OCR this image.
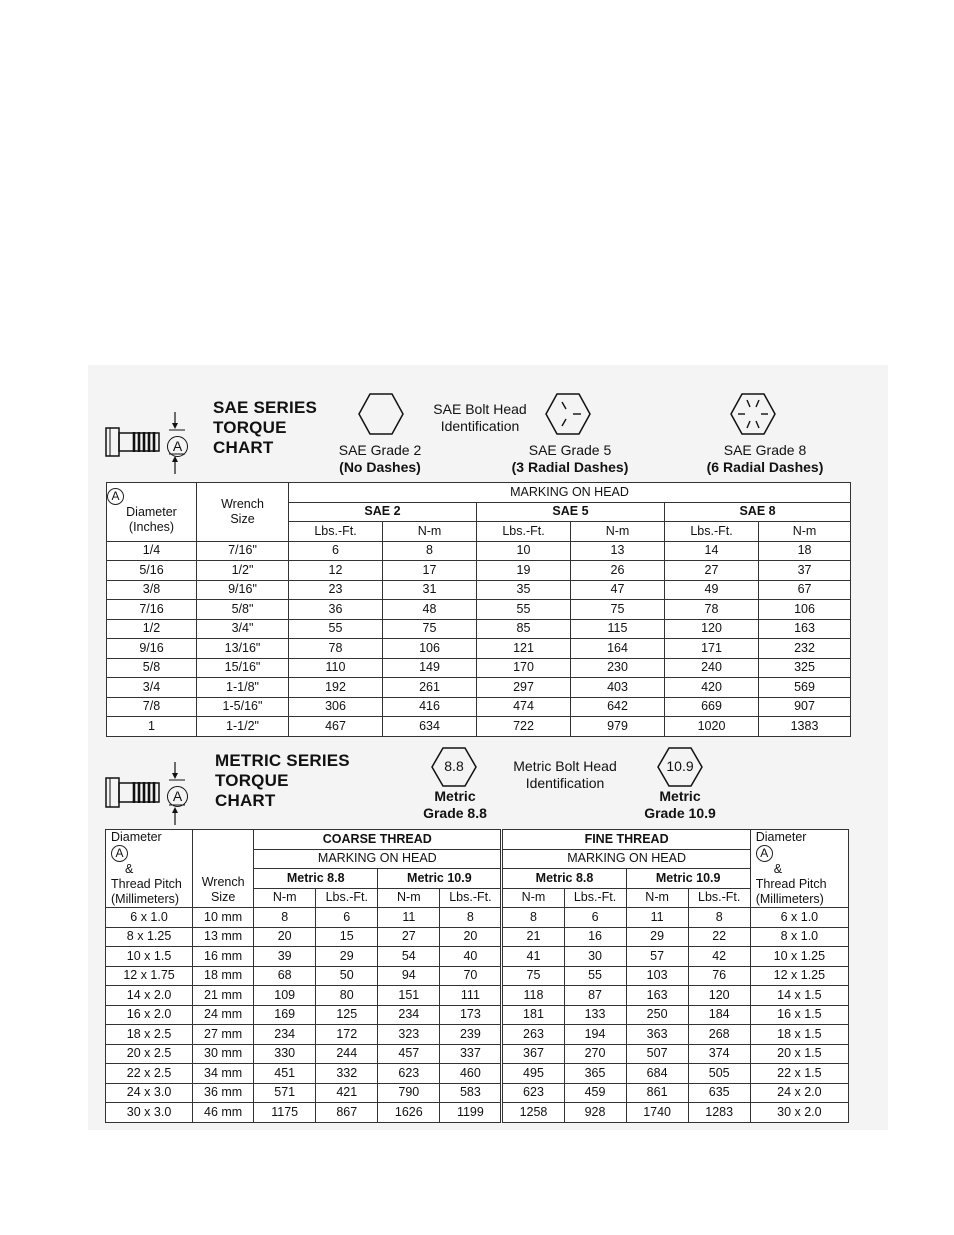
A
SAE SERIES
TORQUE
CHART
SAE Bolt Head
Identification
SAE Grade 2
(No Dashes)
SAE Grade 5
(3 Radial Dashes)
SAE Grade 8
(6 Radial Dashes)
A
Diameter
(Inches)	Wrench
Size	MARKING ON HEAD					
		SAE 2		SAE 5		SAE 8	
		Lbs.-Ft.	N-m	Lbs.-Ft.	N-m	Lbs.-Ft.	N-m
1/4	7/16"	6	8	10	13	14	18
5/16	1/2"	12	17	19	26	27	37
3/8	9/16"	23	31	35	47	49	67
7/16	5/8"	36	48	55	75	78	106
1/2	3/4"	55	75	85	115	120	163
9/16	13/16"	78	106	121	164	171	232
5/8	15/16"	110	149	170	230	240	325
3/4	1-1/8"	192	261	297	403	420	569
7/8	1-5/16"	306	416	474	642	669	907
1	1-1/2"	467	634	722	979	1020	1383
A
METRIC SERIES
TORQUE
CHART
8.8	Metric Bolt Head
Identification
10.9
Metric
Grade 8.8
Metric
Grade 10.9
Diameter
A
&
Thread Pitch
(Millimeters)	Wrench
Size	COARSE THREAD				FINE THREAD				Diameter
A
&
Thread Pitch
(Millimeters)

		MARKING ON HEAD				MARKING ON HEAD				
		Metric 8.8		Metric 10.9		Metric 8.8		Metric 10.9		
		N-m	Lbs.-Ft.	N-m	Lbs.-Ft.	N-m	Lbs.-Ft.	N-m	Lbs.-Ft.	
6 x 1.0	10 mm	8	6	11	8	8	6	11	8	6 x 1.0
8 x 1.25	13 mm	20	15	27	20	21	16	29	22	8 x 1.0
10 x 1.5	16 mm	39	29	54	40	41	30	57	42	10 x 1.25
12 x 1.75	18 mm	68	50	94	70	75	55	103	76	12 x 1.25
14 x 2.0	21 mm	109	80	151	111	118	87	163	120	14 x 1.5
16 x 2.0	24 mm	169	125	234	173	181	133	250	184	16 x 1.5
18 x 2.5	27 mm	234	172	323	239	263	194	363	268	18 x 1.5
20 x 2.5	30 mm	330	244	457	337	367	270	507	374	20 x 1.5
22 x 2.5	34 mm	451	332	623	460	495	365	684	505	22 x 1.5
24 x 3.0	36 mm	571	421	790	583	623	459	861	635	24 x 2.0
30 x 3.0	46 mm	1175	867	1626	1199	1258	928	1740	1283	30 x 2.0
